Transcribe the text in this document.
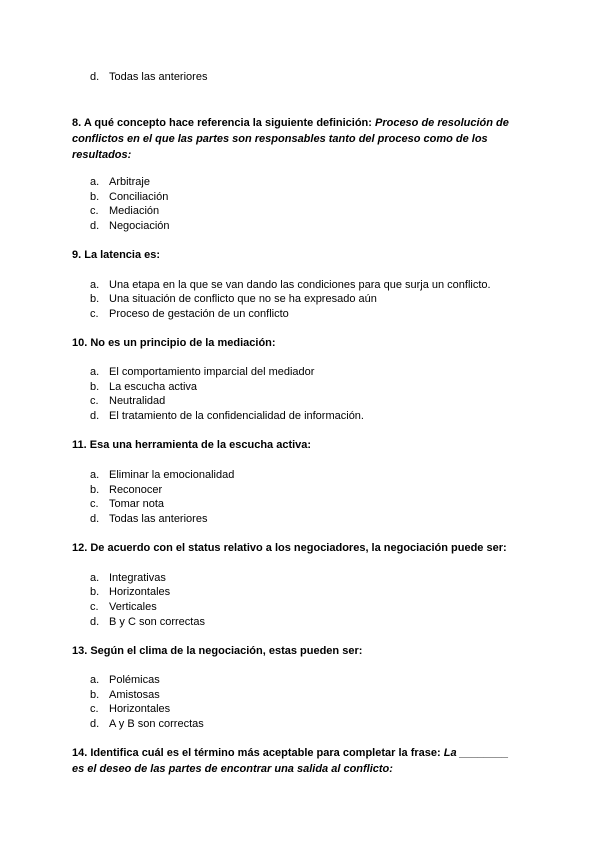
d. Todas las anteriores
8. A qué concepto hace referencia la siguiente definición: Proceso de resolución de conflictos en el que las partes son responsables tanto del proceso como de los resultados:
a. Arbitraje
b. Conciliación
c. Mediación
d. Negociación
9. La latencia es:
a. Una etapa en la que se van dando las condiciones para que surja un conflicto.
b. Una situación de conflicto que no se ha expresado aún
c. Proceso de gestación de un conflicto
10. No es un principio de la mediación:
a. El comportamiento imparcial del mediador
b. La escucha activa
c. Neutralidad
d. El tratamiento de la confidencialidad de información.
11. Esa una herramienta de la escucha activa:
a. Eliminar la emocionalidad
b. Reconocer
c. Tomar nota
d. Todas las anteriores
12. De acuerdo con el status relativo a los negociadores, la negociación puede ser:
a. Integrativas
b. Horizontales
c. Verticales
d. B y C son correctas
13. Según el clima de la negociación, estas pueden ser:
a. Polémicas
b. Amistosas
c. Horizontales
d. A y B son correctas
14. Identifica cuál es el término más aceptable para completar la frase: La ________ es el deseo de las partes de encontrar una salida al conflicto:
